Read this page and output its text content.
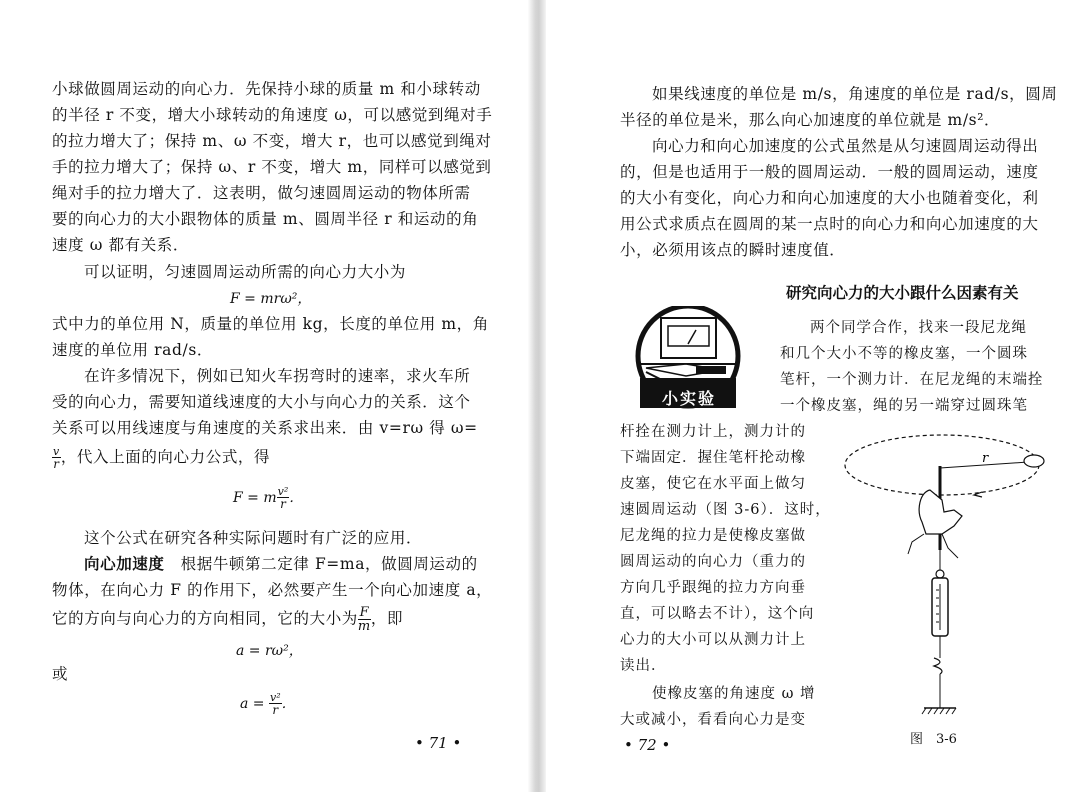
小球做圆周运动的向心力．先保持小球的质量 m 和小球转动
的半径 r 不变，增大小球转动的角速度 ω，可以感觉到绳对手
的拉力增大了；保持 m、ω 不变，增大 r，也可以感觉到绳对
手的拉力增大了；保持 ω、r 不变，增大 m，同样可以感觉到
绳对手的拉力增大了．这表明，做匀速圆周运动的物体所需
要的向心力的大小跟物体的质量 m、圆周半径 r 和运动的角
速度 ω 都有关系．
可以证明，匀速圆周运动所需的向心力大小为
F = mrω²，
式中力的单位用 N，质量的单位用 kg，长度的单位用 m，角
速度的单位用 rad/s．
在许多情况下，例如已知火车拐弯时的速率，求火车所
受的向心力，需要知道线速度的大小与向心力的关系．这个
关系可以用线速度与角速度的关系求出来．由 v=rω 得 ω=
$\frac{v}{r}$ ，代入上面的向心力公式，得
F = m $\frac{\text{v²}}{r}$ ．
这个公式在研究各种实际问题时有广泛的应用．
向心加速度　 根据牛顿第二定律 F=ma，做圆周运动的
物体，在向心力 F 的作用下，必然要产生一个向心加速度 a，
它的方向与向心力的方向相同，它的大小为 $\frac{F}{m}$ ，即
a = rω²，
或
$a = \frac{\text{v²}}{r}$ ．
• 71 •
如果线速度的单位是 m/s，角速度的单位是 rad/s，圆周
半径的单位是米，那么向心加速度的单位就是 m/s²．
向心力和向心加速度的公式虽然是从匀速圆周运动得出
的，但是也适用于一般的圆周运动．一般的圆周运动，速度
的大小有变化，向心力和向心加速度的大小也随着变化，利
用公式求质点在圆周的某一点时的向心力和向心加速度的大
小，必须用该点的瞬时速度值．
研究向心力的大小跟什么因素有关
小实验
两个同学合作，找来一段尼龙绳
和几个大小不等的橡皮塞，一个圆珠
笔杆，一个测力计．在尼龙绳的末端拴
一个橡皮塞，绳的另一端穿过圆珠笔
杆拴在测力计上，测力计的
下端固定．握住笔杆抡动橡
皮塞，使它在水平面上做匀
速圆周运动（图 3-6）．这时，
尼龙绳的拉力是使橡皮塞做
圆周运动的向心力（重力的
方向几乎跟绳的拉力方向垂
直，可以略去不计），这个向
心力的大小可以从测力计上
读出．
使橡皮塞的角速度 ω 增
大或减小，看看向心力是变
r
图　3-6
• 72 •
